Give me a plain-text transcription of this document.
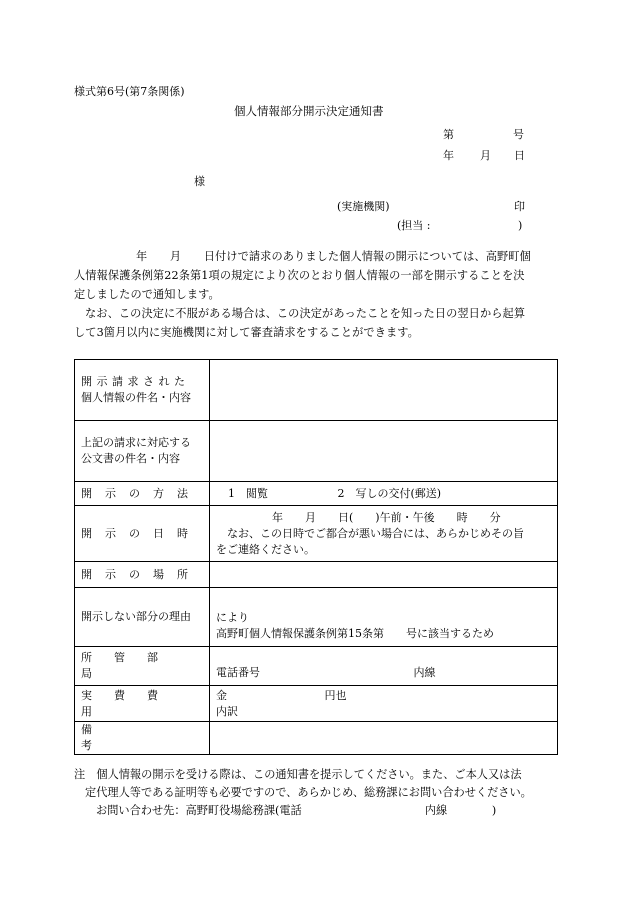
様式第6号(第7条関係)
個人情報部分開示決定通知書
第	号
年 月 日
様
(実施機関)	印
(担当 :	)
年　　月　　日付けで請求のありました個人情報の開示については、高野町個
人情報保護条例第22条第1項の規定により次のとおり個人情報の一部を開示することを決
定しましたので通知します。
なお、この決定に不服がある場合は、この決定があったことを知った日の翌日から起算
して3箇月以内に実施機関に対して審査請求をすることができます。
開示請求された
個人情報の件名・内容	

上記の請求に対応する
公文書の件名・内容	

開示の方法	1　閲覧 2　写しの交付(郵送)
開示の日時	年　　月　　日(　　)午前・午後　　時　　分
なお、この日時でご都合が悪い場合には、あらかじめその旨
をご連絡ください。

開示の場所	
開示しない部分の理由	により
高野町個人情報保護条例第15条第　　号に該当するため

所管部局	電話番号 内線
実費費用	金 円也
内訳

備考	
注　個人情報の開示を受ける際は、この通知書を提示してください。また、ご本人又は法
定代理人等である証明等も必要ですので、あらかじめ、総務課にお問い合わせください。
お問い合わせ先：高野町役場総務課(電話　　　　　　　　　　　内線　　　　)
